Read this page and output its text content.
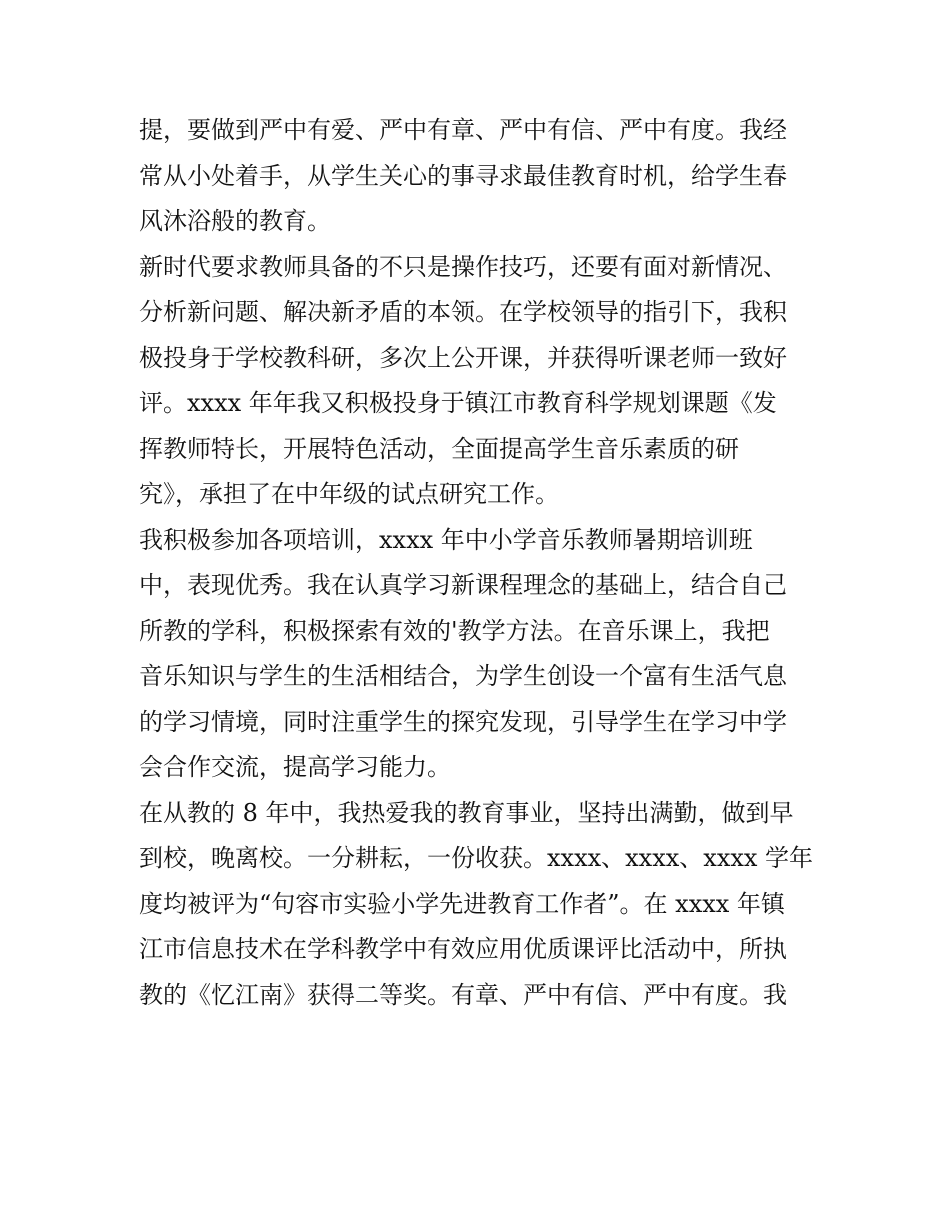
提，要做到严中有爱、严中有章、严中有信、严中有度。我经
常从小处着手，从学生关心的事寻求最佳教育时机，给学生春
风沐浴般的教育。
新时代要求教师具备的不只是操作技巧，还要有面对新情况、
分析新问题、解决新矛盾的本领。在学校领导的指引下，我积
极投身于学校教科研，多次上公开课，并获得听课老师一致好
评。xxxx 年年我又积极投身于镇江市教育科学规划课题《发
挥教师特长，开展特色活动，全面提高学生音乐素质的研
究》，承担了在中年级的试点研究工作。
我积极参加各项培训，xxxx 年中小学音乐教师暑期培训班
中，表现优秀。我在认真学习新课程理念的基础上，结合自己
所教的学科，积极探索有效的'教学方法。在音乐课上，我把
音乐知识与学生的生活相结合，为学生创设一个富有生活气息
的学习情境，同时注重学生的探究发现，引导学生在学习中学
会合作交流，提高学习能力。
在从教的 8 年中，我热爱我的教育事业，坚持出满勤，做到早
到校，晚离校。一分耕耘，一份收获。xxxx、xxxx、xxxx 学年
度均被评为“句容市实验小学先进教育工作者”。在 xxxx 年镇
江市信息技术在学科教学中有效应用优质课评比活动中，所执
教的《忆江南》获得二等奖。有章、严中有信、严中有度。我
